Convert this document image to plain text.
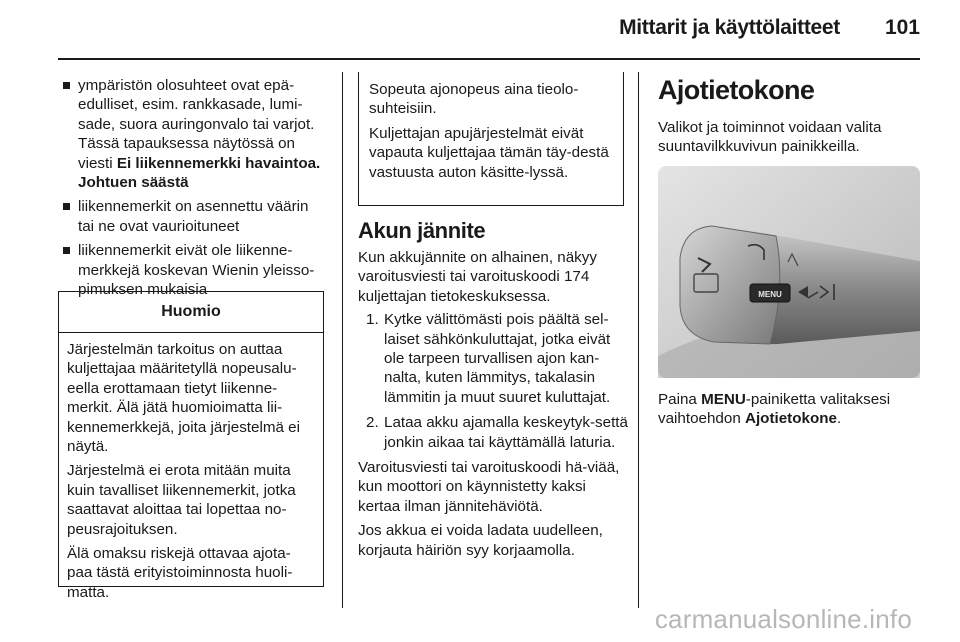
Mittarit ja käyttölaitteet 101
ympäristön olosuhteet ovat epä-edulliset, esim. rankkasade, lumi-sade, suora auringonvalo tai varjot. Tässä tapauksessa näytössä on viesti Ei liikennemerkki havaintoa. Johtuen säästä
liikennemerkit on asennettu väärin tai ne ovat vaurioituneet
liikennemerkit eivät ole liikenne-merkkejä koskevan Wienin yleisso-pimuksen mukaisia
Huomio

Järjestelmän tarkoitus on auttaa kuljettajaa määritetyllä nopeusalu-eella erottamaan tietyt liikenne-merkit. Älä jätä huomioimatta lii-kennemerkkejä, joita järjestelmä ei näytä.

Järjestelmä ei erota mitään muita kuin tavalliset liikennemerkit, jotka saattavat aloittaa tai lopettaa no-peusrajoituksen.

Älä omaksu riskejä ottavaa ajota-paa tästä erityistoiminnosta huoli-matta.

Sopeuta ajonopeus aina tieolo-suhteisiin.

Kuljettajan apujärjestelmät eivät vapauta kuljettajaa tämän täy-destä vastuusta auton käsitte-lyssä.

Akun jännite

Kun akkujännite on alhainen, näkyy varoitusviesti tai varoituskoodi 174 kuljettajan tietokeskuksessa.

1. Kytke välittömästi pois päältä sel-laiset sähkönkuluttajat, jotka eivät ole tarpeen turvallisen ajon kan-nalta, kuten lämmitys, takalasin lämmitin ja muut suuret kuluttajat.
2. Lataa akku ajamalla keskeytyk-settä jonkin aikaa tai käyttämällä laturia.

Varoitusviesti tai varoituskoodi hä-viää, kun moottori on käynnistetty kaksi kertaa ilman jännitehäviötä.

Jos akkua ei voida ladata uudelleen, korjauta häiriön syy korjaamolla.

Ajotietokone

Valikot ja toiminnot voidaan valita suuntavilkkuvivun painikkeilla.

MENU

Paina MENU-painiketta valitaksesi vaihtoehdon Ajotietokone.

carmanualsonline.info
